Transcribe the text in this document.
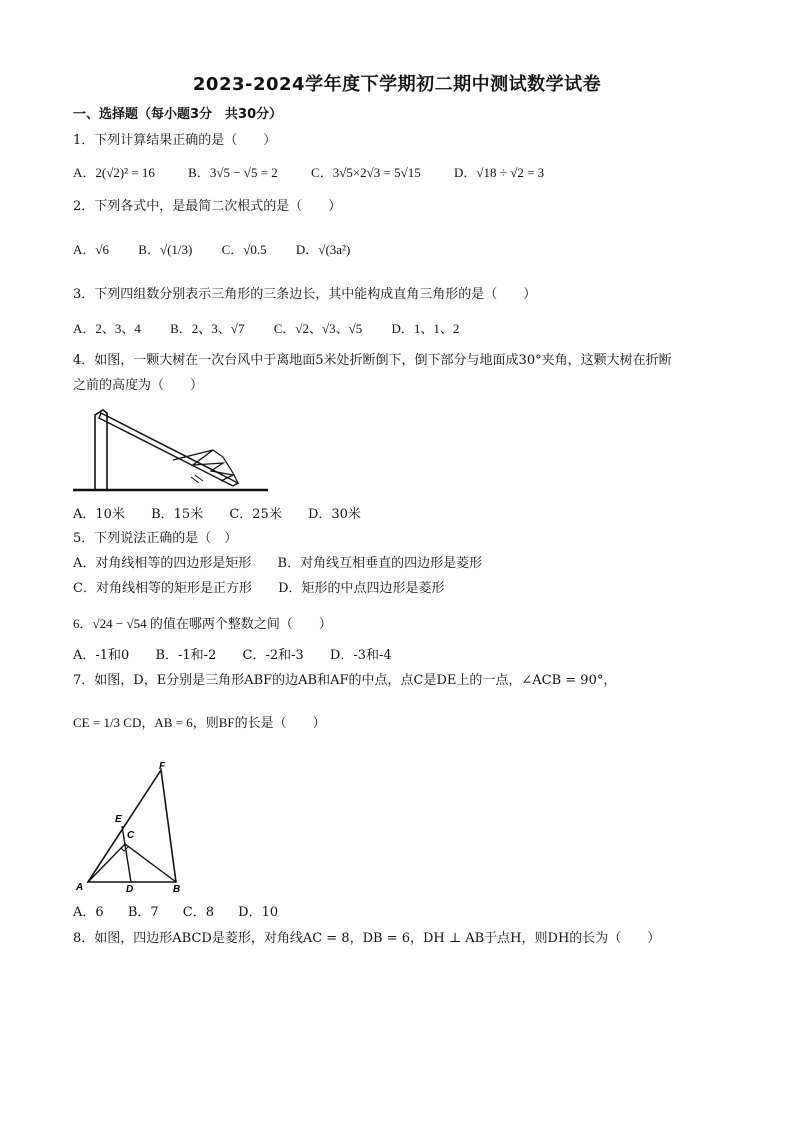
2023-2024学年度下学期初二期中测试数学试卷
一、选择题（每小题3分　共30分）
1．下列计算结果正确的是（　　）
A．2(√2)² = 16	B．3√5 − √5 = 2	C．3√5×2√3 = 5√15	D．√18 ÷ √2 = 3
2．下列各式中，是最简二次根式的是（　　）
A．√6 B．√(1/3) C．√0.5 D．√(3a²)
3．下列四组数分别表示三角形的三条边长，其中能构成直角三角形的是（　　）
A．2、3、4 B．2、3、√7 C．√2、√3、√5 D．1、1、2
4．如图，一颗大树在一次台风中于离地面5米处折断倒下，倒下部分与地面成30°夹角，这颗大树在折断
之前的高度为（　　）
A．10米 B．15米 C．25米 D．30米
5．下列说法正确的是（　）
A．对角线相等的四边形是矩形 B．对角线互相垂直的四边形是菱形
C．对角线相等的矩形是正方形 D．矩形的中点四边形是菱形
6．√24 − √54 的值在哪两个整数之间（　　）
A．-1和0 B．-1和-2 C．-2和-3 D．-3和-4
7．如图，D，E分别是三角形ABF的边AB和AF的中点，点C是DE上的一点，∠ACB = 90°，
CE = 1/3 CD，AB = 6，则BF的长是（　　）
F
E
C
A	D	B
A．6 B．7 C．8 D．10
8．如图，四边形ABCD是菱形，对角线AC = 8，DB = 6，DH ⊥ AB于点H，则DH的长为（　　）
